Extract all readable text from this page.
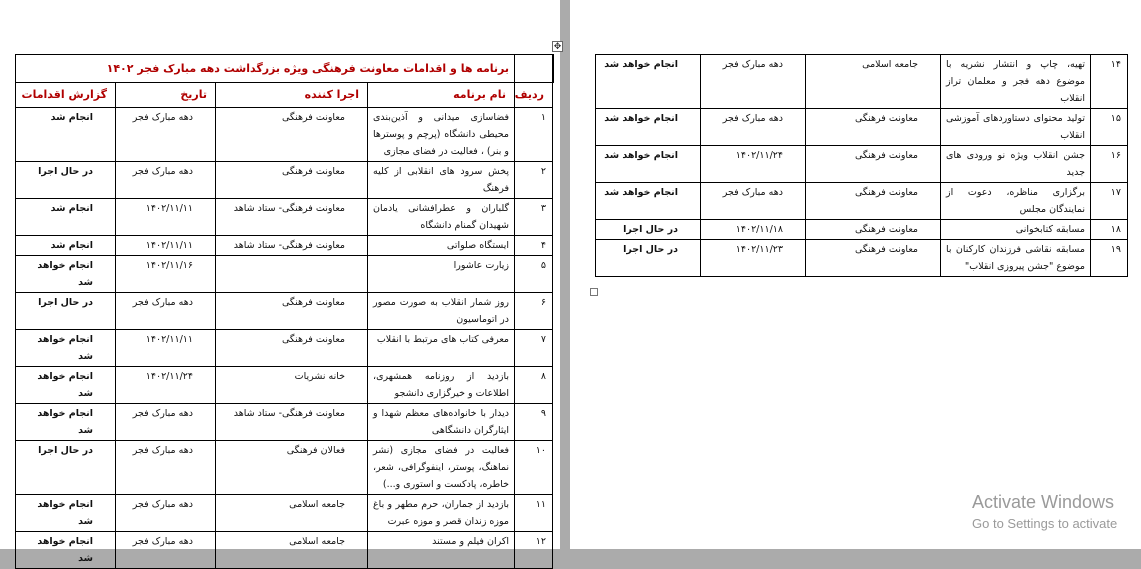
	برنامه ها و اقدامات معاونت فرهنگی ویژه بزرگداشت دهه مبارک فجر ۱۴۰۲			
ردیف	نام برنامه	اجرا کننده	تاریخ	گزارش اقدامات
۱	فضاسازی میدانی و آذین‌بندی محیطی دانشگاه (پرچم و پوسترها و بنر) ، فعالیت در فضای مجازی	معاونت فرهنگی	دهه مبارک فجر	انجام شد
۲	پخش سرود های انقلابی از کلیه فرهنگ	معاونت فرهنگی	دهه مبارک فجر	در حال اجرا
۳	گلباران و عطرافشانی یادمان شهیدان گمنام دانشگاه	معاونت فرهنگی- ستاد شاهد	۱۴۰۲/۱۱/۱۱	انجام شد
۴	ایستگاه صلواتی	معاونت فرهنگی- ستاد شاهد	۱۴۰۲/۱۱/۱۱	انجام شد
۵	زیارت عاشورا		۱۴۰۲/۱۱/۱۶	انجام خواهد شد
۶	روز شمار انقلاب به صورت مصور در اتوماسیون	معاونت فرهنگی	دهه مبارک فجر	در حال اجرا
۷	معرفی کتاب های مرتبط با انقلاب	معاونت فرهنگی	۱۴۰۲/۱۱/۱۱	انجام خواهد شد
۸	بازدید از روزنامه همشهری، اطلاعات و خیرگزاری دانشجو	خانه نشریات	۱۴۰۲/۱۱/۲۴	انجام خواهد شد
۹	دیدار با خانواده‌های معظم شهدا و ایثارگران دانشگاهی	معاونت فرهنگی- ستاد شاهد	دهه مبارک فجر	انجام خواهد شد
۱۰	فعالیت در فضای مجازی (نشر نماهنگ، پوستر، اینفوگرافی، شعر، خاطره، پادکست و استوری و...)	فعالان فرهنگی	دهه مبارک فجر	در حال اجرا
۱۱	بازدید از جماران، حرم مطهر و باغ موزه زندان قصر و موزه عبرت	جامعه اسلامی	دهه مبارک فجر	انجام خواهد شد
۱۲	اکران فیلم و مستند	جامعه اسلامی	دهه مبارک فجر	انجام خواهد شد
✥
۱۴	تهیه، چاپ و انتشار نشریه با موضوع دهه فجر و معلمان تراز انقلاب	جامعه اسلامی	دهه مبارک فجر	انجام خواهد شد
۱۵	تولید محتوای دستاوردهای آموزشی انقلاب	معاونت فرهنگی	دهه مبارک فجر	انجام خواهد شد
۱۶	جشن انقلاب ویژه نو ورودی های جدید	معاونت فرهنگی	۱۴۰۲/۱۱/۲۴	انجام خواهد شد
۱۷	برگزاری مناظره، دعوت از نمایندگان مجلس	معاونت فرهنگی	دهه مبارک فجر	انجام خواهد شد
۱۸	مسابقه کتابخوانی	معاونت فرهنگی	۱۴۰۲/۱۱/۱۸	در حال اجرا
۱۹	مسابقه نقاشی فرزندان کارکنان با موضوع "جشن پیروزی انقلاب"	معاونت فرهنگی	۱۴۰۲/۱۱/۲۳	در حال اجرا
Activate Windows
Go to Settings to activate
